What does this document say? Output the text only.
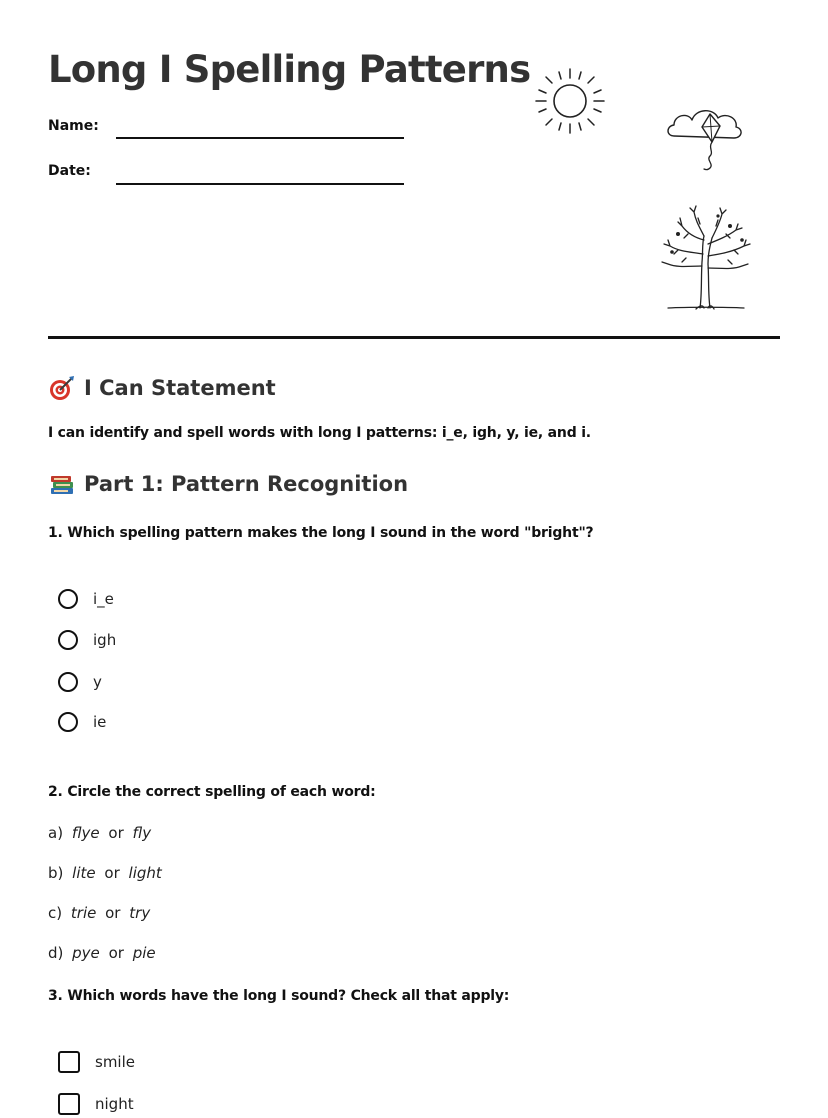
Long I Spelling Patterns
Name:
Date:
I Can Statement

I can identify and spell words with long I patterns: i_e, igh, y, ie, and i.

Part 1: Pattern Recognition

1. Which spelling pattern makes the long I sound in the word "bright"?

i_e
igh
y
ie

2. Circle the correct spelling of each word:

a) flye or fly
b) lite or light
c) trie or try
d) pye or pie

3. Which words have the long I sound? Check all that apply:

smile
night
